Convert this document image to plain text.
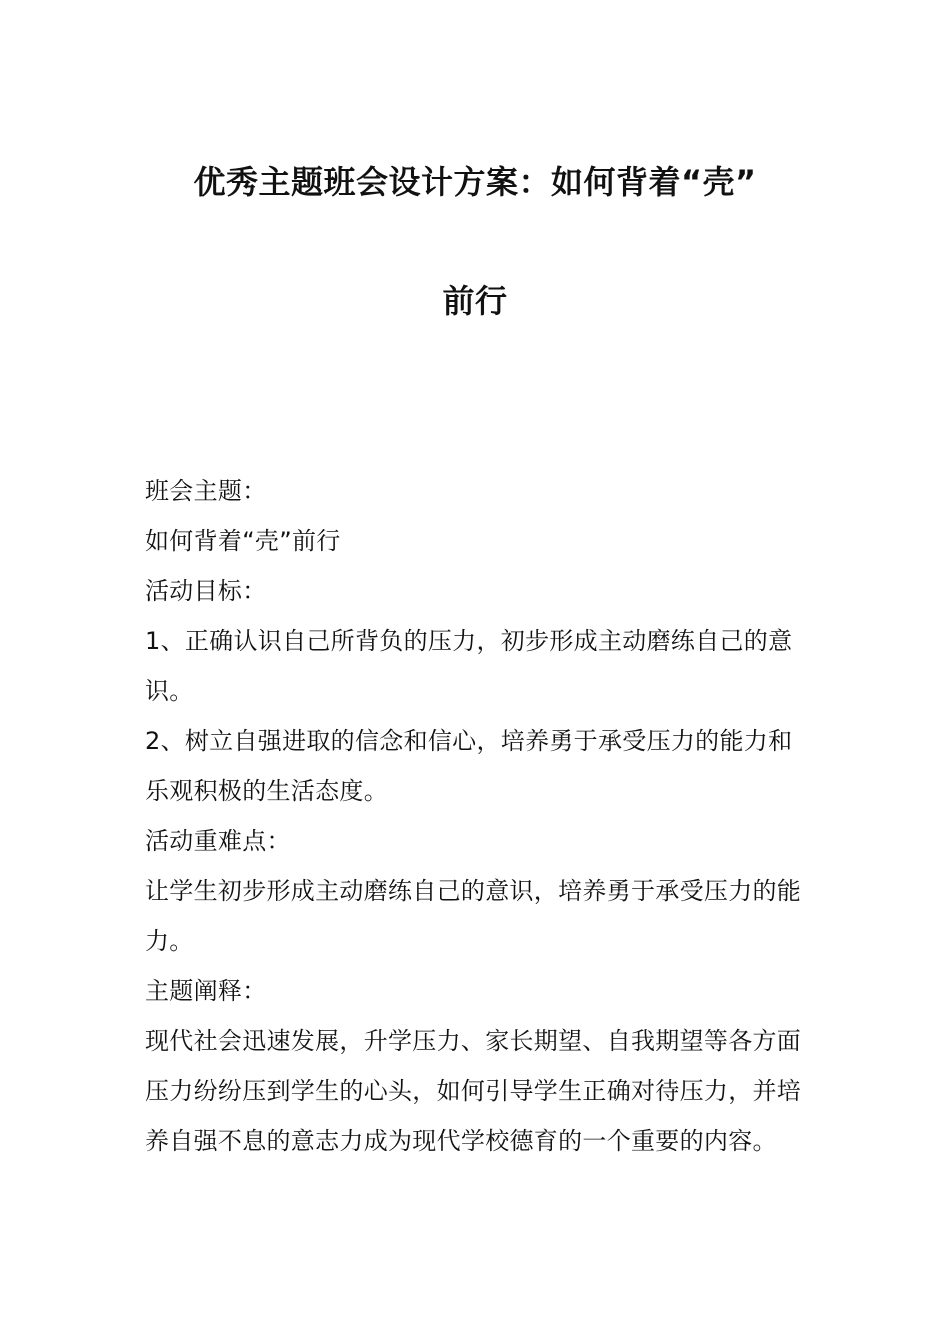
优秀主题班会设计方案：如何背着“壳”
前行

班会主题：

如何背着“壳”前行

活动目标：

1、正确认识自己所背负的压力，初步形成主动磨练自己的意识。

2、树立自强进取的信念和信心，培养勇于承受压力的能力和乐观积极的生活态度。

活动重难点：

让学生初步形成主动磨练自己的意识，培养勇于承受压力的能力。

主题阐释：

现代社会迅速发展，升学压力、家长期望、自我期望等各方面压力纷纷压到学生的心头，如何引导学生正确对待压力，并培养自强不息的意志力成为现代学校德育的一个重要的内容。
